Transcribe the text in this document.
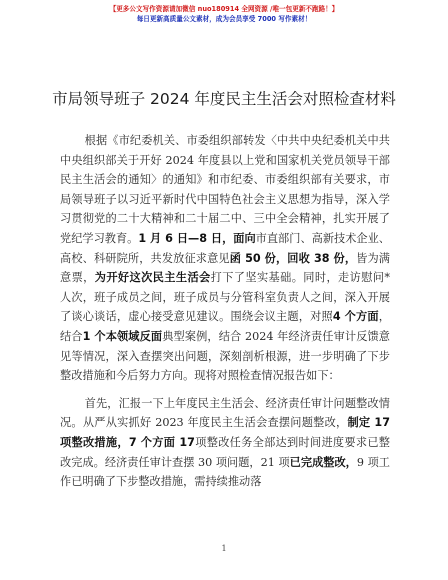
【更多公文写作资源请加微信 nuo180914 全网资源 /唯一包更新不跑路！】
每日更新高质量公文素材，成为会员享受 7000 写作素材！
市局领导班子 2024 年度民主生活会对照检查材料

根据《市纪委机关、市委组织部转发〈中共中央纪委机关中共中央组织部关于开好 2024 年度县以上党和国家机关党员领导干部民主生活会的通知〉的通知》和市纪委、市委组织部有关要求，市局领导班子以习近平新时代中国特色社会主义思想为指导，深入学习贯彻党的二十大精神和二十届二中、三中全会精神，扎实开展了党纪学习教育。1 月 6 日—8 日，面向市直部门、高新技术企业、高校、科研院所，共发放征求意见函 50 份，回收 38 份，皆为满意票，为开好这次民主生活会打下了坚实基础。同时，走访慰问*人次，班子成员之间，班子成员与分管科室负责人之间，深入开展了谈心谈话，虚心接受意见建议。围绕会议主题，对照4 个方面，结合1 个本领域反面典型案例，结合 2024 年经济责任审计反馈意见等情况，深入查摆突出问题，深刻剖析根源，进一步明确了下步整改措施和今后努力方向。现将对照检查情况报告如下：

首先，汇报一下上年度民主生活会、经济责任审计问题整改情况。从严从实抓好 2023 年度民主生活会查摆问题整改，制定 17 项整改措施，7 个方面 17项整改任务全部达到时间进度要求已整改完成。经济责任审计查摆 30 项问题，21 项已完成整改，9 项工作已明确了下步整改措施，需持续推动落

1
